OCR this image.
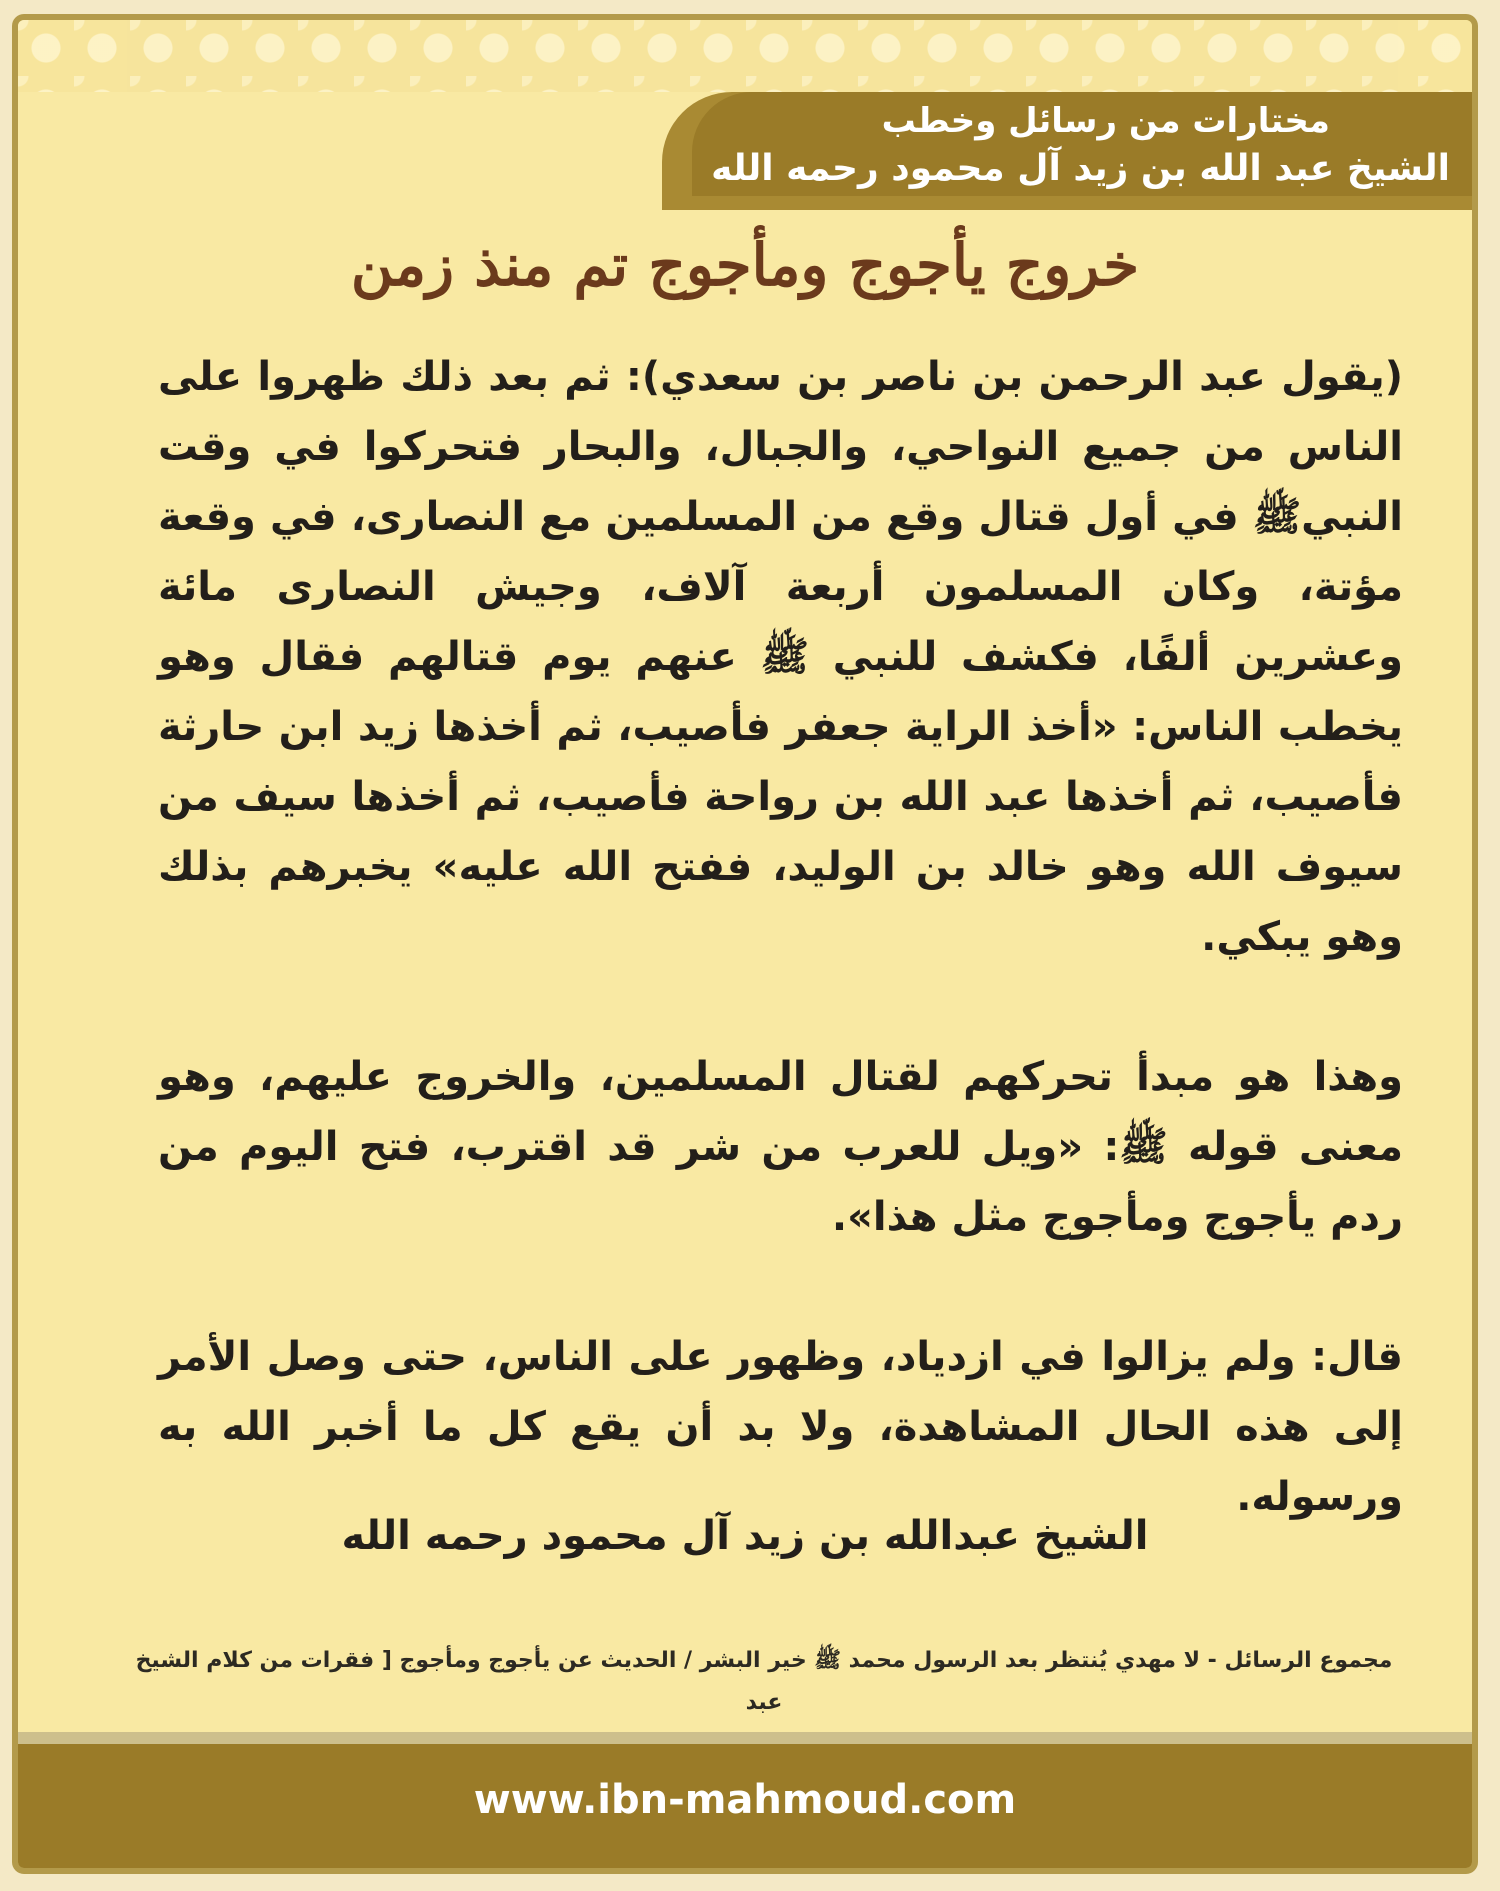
مختارات من رسائل وخطب
الشيخ عبد الله بن زيد آل محمود رحمه الله
خروج يأجوج ومأجوج تم منذ زمن

(يقول عبد الرحمن بن ناصر بن سعدي): ثم بعد ذلك ظهروا على الناس من جميع النواحي، والجبال، والبحار فتحركوا في وقت النبيﷺ في أول قتال وقع من المسلمين مع النصارى، في وقعة مؤتة، وكان المسلمون أربعة آلاف، وجيش النصارى مائة وعشرين ألفًا، فكشف للنبي ﷺ عنهم يوم قتالهم فقال وهو يخطب الناس: «أخذ الراية جعفر فأصيب، ثم أخذها زيد ابن حارثة فأصيب، ثم أخذها عبد الله بن رواحة فأصيب، ثم أخذها سيف من سيوف الله وهو خالد بن الوليد، ففتح الله عليه» يخبرهم بذلك وهو يبكي.

وهذا هو مبدأ تحركهم لقتال المسلمين، والخروج عليهم، وهو معنى قوله ﷺ: «ويل للعرب من شر قد اقترب، فتح اليوم من ردم يأجوج ومأجوج مثل هذا».

قال: ولم يزالوا في ازدياد، وظهور على الناس، حتى وصل الأمر إلى هذه الحال المشاهدة، ولا بد أن يقع كل ما أخبر الله به ورسوله.

الشيخ عبدالله بن زيد آل محمود رحمه الله
مجموع الرسائل - لا مهدي يُنتظر بعد الرسول محمد ﷺ خير البشر / الحديث عن يأجوج ومأجوج [ فقرات من كلام الشيخ عبد
www.ibn-mahmoud.com
